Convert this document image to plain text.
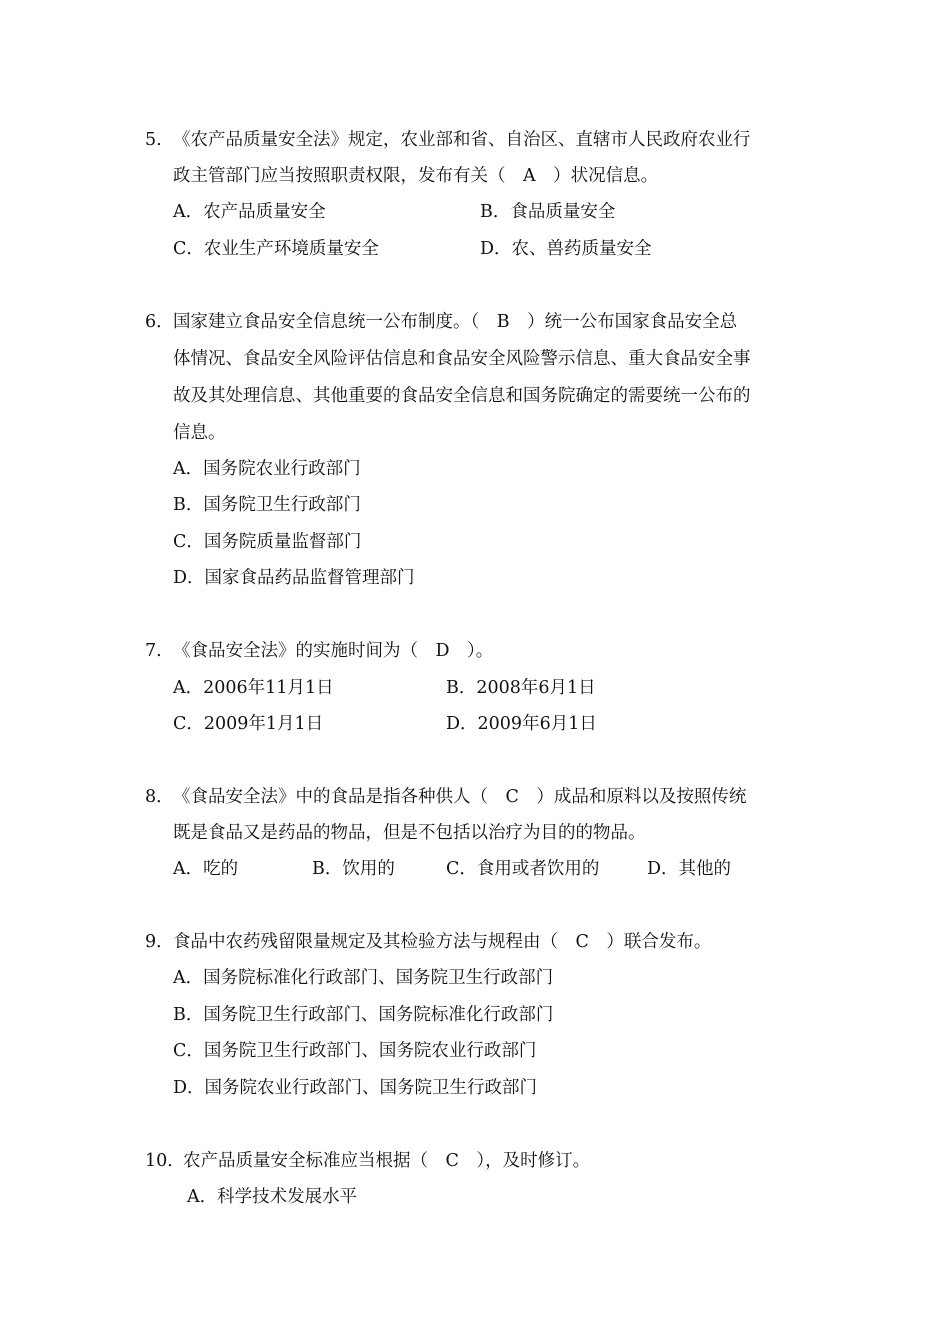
5. 《农产品质量安全法》规定，农业部和省、自治区、直辖市人民政府农业行
政主管部门应当按照职责权限，发布有关（　A　）状况信息。
A．农产品质量安全	B．食品质量安全
C．农业生产环境质量安全	D．农、兽药质量安全
6． 国家建立食品安全信息统一公布制度。（　B　）统一公布国家食品安全总
体情况、食品安全风险评估信息和食品安全风险警示信息、重大食品安全事
故及其处理信息、其他重要的食品安全信息和国务院确定的需要统一公布的
信息。
A．国务院农业行政部门
B．国务院卫生行政部门
C．国务院质量监督部门
D．国家食品药品监督管理部门
7. 《食品安全法》的实施时间为（　D　）。
A．2006年11月1日	B．2008年6月1日
C．2009年1月1日	D．2009年6月1日
8． 《食品安全法》中的食品是指各种供人（　C　）成品和原料以及按照传统
既是食品又是药品的物品，但是不包括以治疗为目的的物品。
A．吃的	B．饮用的	C．食用或者饮用的	D．其他的
9． 食品中农药残留限量规定及其检验方法与规程由（　C　）联合发布。
A．国务院标准化行政部门、国务院卫生行政部门
B．国务院卫生行政部门、国务院标准化行政部门
C．国务院卫生行政部门、国务院农业行政部门
D．国务院农业行政部门、国务院卫生行政部门
10．
农产品质量安全标准应当根据（　C　），及时修订。
A．科学技术发展水平
